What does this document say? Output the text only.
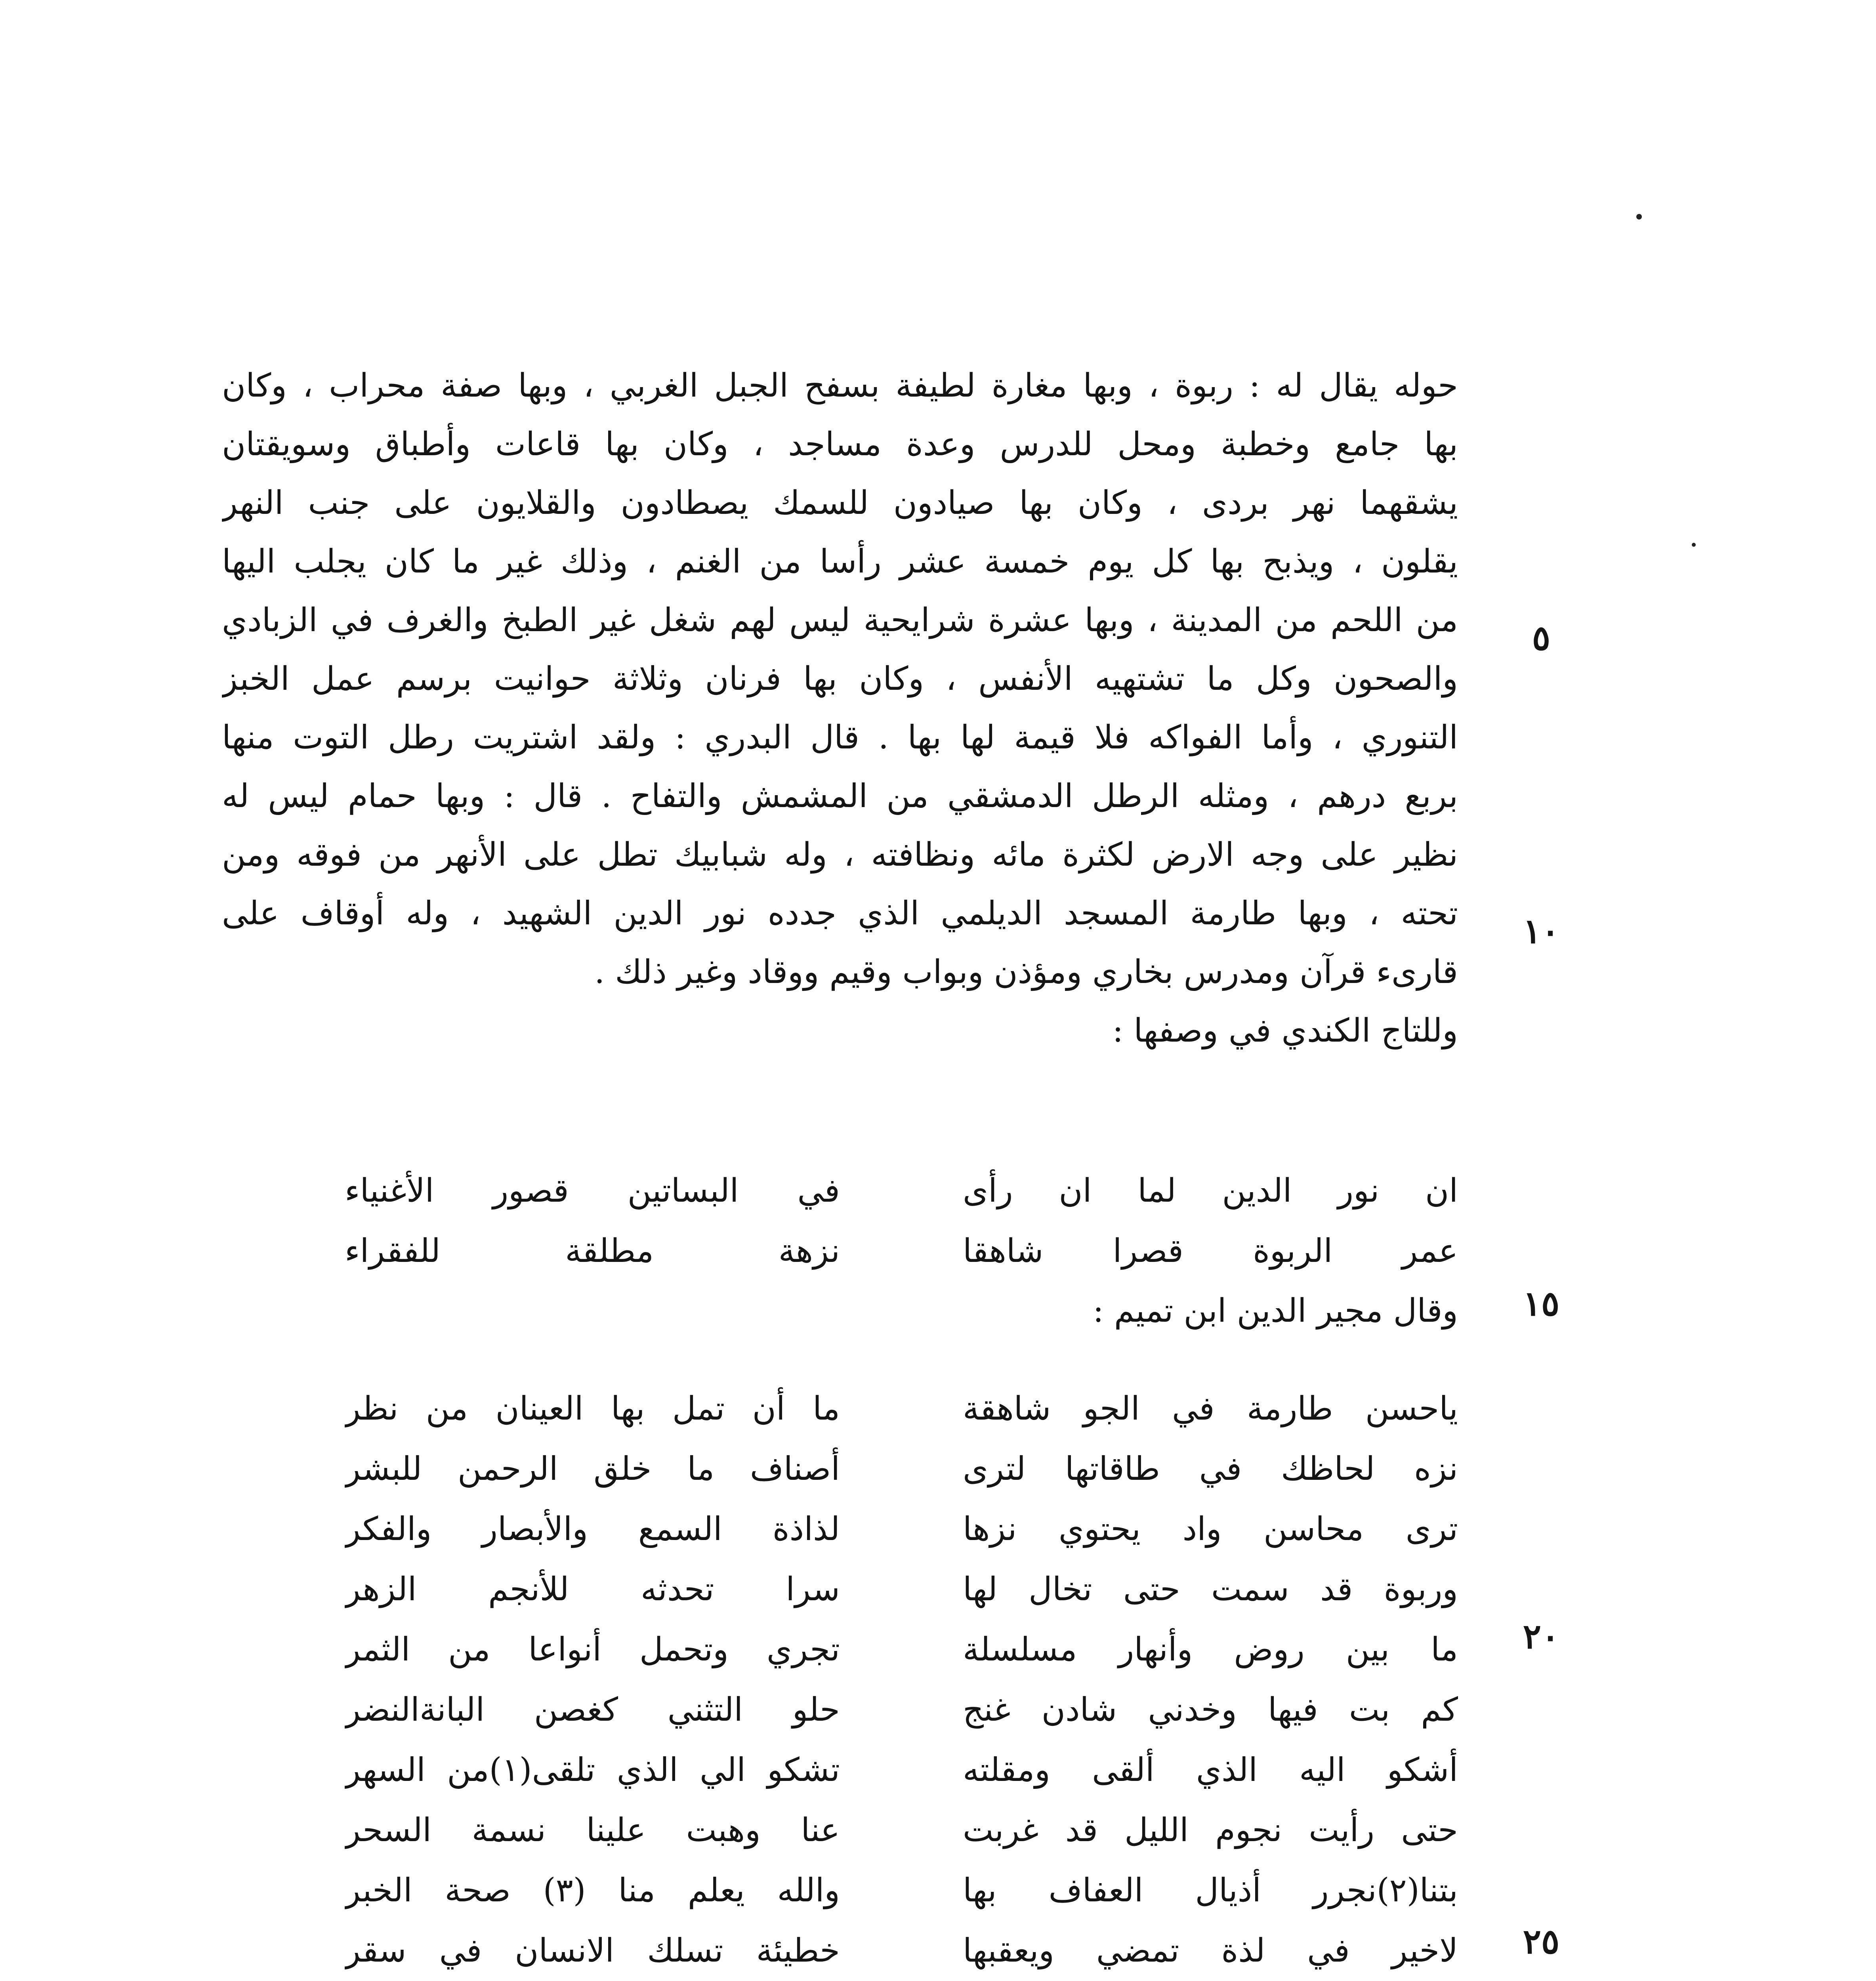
حوله يقال له : ربوة ، وبها مغارة لطيفة بسفح الجبل الغربي ، وبها صفة محراب ، وكان
بها جامع وخطبة ومحل للدرس وعدة مساجد ، وكان بها قاعات وأطباق وسويقتان
يشقهما نهر بردى ، وكان بها صيادون للسمك يصطادون والقلايون على جنب النهر
يقلون ، ويذبح بها كل يوم خمسة عشر رأسا من الغنم ، وذلك غير ما كان يجلب اليها
من اللحم من المدينة ، وبها عشرة شرايحية ليس لهم شغل غير الطبخ والغرف في الزبادي
والصحون وكل ما تشتهيه الأنفس ، وكان بها فرنان وثلاثة حوانيت برسم عمل الخبز
التنوري ، وأما الفواكه فلا قيمة لها بها . قال البدري : ولقد اشتريت رطل التوت منها
بربع درهم ، ومثله الرطل الدمشقي من المشمش والتفاح . قال : وبها حمام ليس له
نظير على وجه الارض لكثرة مائه ونظافته ، وله شبابيك تطل على الأنهر من فوقه ومن
تحته ، وبها طارمة المسجد الديلمي الذي جدده نور الدين الشهيد ، وله أوقاف على
قارىء قرآن ومدرس بخاري ومؤذن وبواب وقيم ووقاد وغير ذلك .
وللتاج الكندي في وصفها :
ان نور الدين لما ان رأى
في البساتين قصور الأغنياء
عمر الربوة قصرا شاهقا
نزهة مطلقة للفقراء
وقال مجير الدين ابن تميم :
ياحسن طارمة في الجو شاهقة
ما أن تمل بها العينان من نظر
نزه لحاظك في طاقاتها لترى
أصناف ما خلق الرحمن للبشر
ترى محاسن واد يحتوي نزها
لذاذة السمع والأبصار والفكر
وربوة قد سمت حتى تخال لها
سرا تحدثه للأنجم الزهر
ما بين روض وأنهار مسلسلة
تجري وتحمل أنواعا من الثمر
كم بت فيها وخدني شادن غنج
حلو التثني كغصن البانةالنضر
أشكو اليه الذي ألقى ومقلته
تشكو الي الذي تلقى(١)من السهر
حتى رأيت نجوم الليل قد غربت
عنا وهبت علينا نسمة السحر
بتنا(٢)نجرر أذيال العفاف بها
والله يعلم منا (٣) صحة الخبر
لاخير في لذة تمضي ويعقبها
خطيئة تسلك الانسان في سقر
٥
١٠
١٥
٢٠
٢٥
